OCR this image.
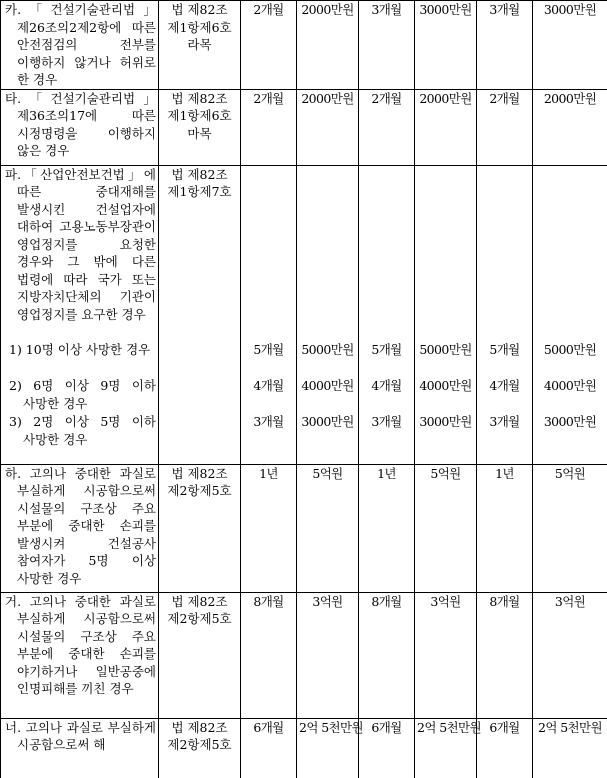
카.「건설기술관리법」 제26조의2제2항에 따른 안전점검의 전부를 이행하지 않거나 허위로 한 경우	법 제82조 제1항제6호 라목	2개월	2000만원	3개월	3000만원	3개월	3000만원

타.「건설기술관리법」 제36조의17에 따른 시정명령을 이행하지 않은 경우	법 제82조 제1항제6호 마목	2개월	2000만원	2개월	2000만원	2개월	2000만원

파.「산업안전보건법」에 따른 중대재해를 발생시킨 건설업자에 대하여 고용노동부장관이 영업정지를 요청한 경우와 그 밖에 다른 법령에 따라 국가 또는 지방자치단체의 기관이 영업정지를 요구한 경우	법 제82조 제1항제7호						

1) 10명 이상 사망한 경우		5개월	5000만원	5개월	5000만원	5개월	5000만원

2) 6명 이상 9명 이하 사망한 경우		4개월	4000만원	4개월	4000만원	4개월	4000만원

3) 2명 이상 5명 이하 사망한 경우		3개월	3000만원	3개월	3000만원	3개월	3000만원

하. 고의나 중대한 과실로 부실하게 시공함으로써 시설물의 구조상 주요 부분에 중대한 손괴를 발생시켜 건설공사 참여자가 5명 이상 사망한 경우	법 제82조 제2항제5호	1년	5억원	1년	5억원	1년	5억원

거. 고의나 중대한 과실로 부실하게 시공함으로써 시설물의 구조상 주요 부분에 중대한 손괴를 야기하거나 일반공중에 인명피해를 끼친 경우	법 제82조 제2항제5호	8개월	3억원	8개월	3억원	8개월	3억원

너. 고의나 과실로 부실하게 시공함으로써 해	법 제82조 제2항제5호	6개월	2억 5천만원	6개월	2억 5천만원	6개월	2억 5천만원
